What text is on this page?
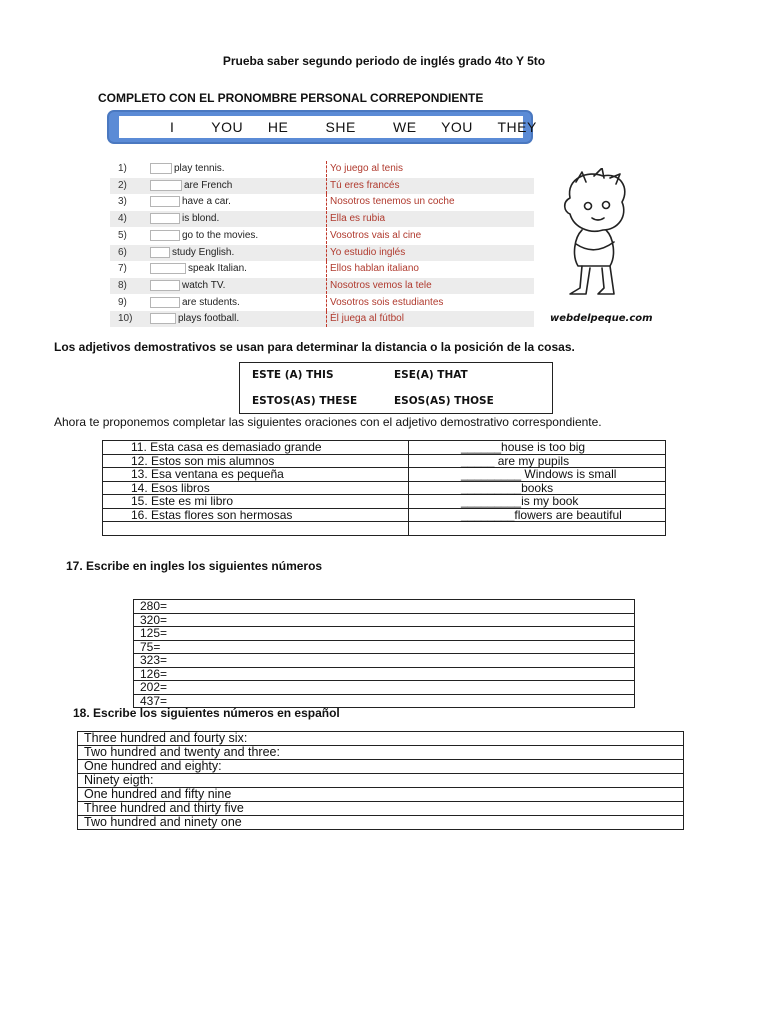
Prueba saber segundo periodo de inglés grado 4to Y 5to
COMPLETO CON EL PRONOMBRE PERSONAL CORREPONDIENTE
I   YOU  HE   SHE   WE  YOU  THEY
1)	play tennis.	Yo juego al tenis
2)	are French	Tú eres francés
3)	have a car.	Nosotros tenemos un coche
4)	is blond.	Ella es rubia
5)	go to the movies.	Vosotros vais al cine
6)	study English.	Yo estudio inglés
7)	speak Italian.	Ellos hablan italiano
8)	watch TV.	Nosotros vemos la tele
9)	are students.	Vosotros sois estudiantes
10)	plays football.	Él juega al fútbol	webdelpeque.com
Los adjetivos demostrativos se usan para determinar la distancia o la posición de la cosas.
ESTE (A) THIS	ESE(A) THAT
ESTOS(AS) THESE	ESOS(AS) THOSE
Ahora te proponemos completar las siguientes oraciones con el adjetivo demostrativo correspondiente.
11. Esta casa es demasiado grande	______house is too big
12. Estos son mis alumnos	_____ are my pupils
13. Esa ventana es pequeña	_________ Windows is small
14. Esos libros	_________books
15. Este es mi libro	_________is my book
16. Estas flores son hermosas	________flowers are beautiful

17. Escribe en ingles los siguientes números
280=
320=
125=
75=
323=
126=
202=
437=
18. Escribe los siguientes números en español
Three hundred and fourty six:
Two hundred and twenty and three:
One hundred and eighty:
Ninety eigth:
One hundred and fifty nine
Three hundred and thirty five
Two hundred and ninety one
